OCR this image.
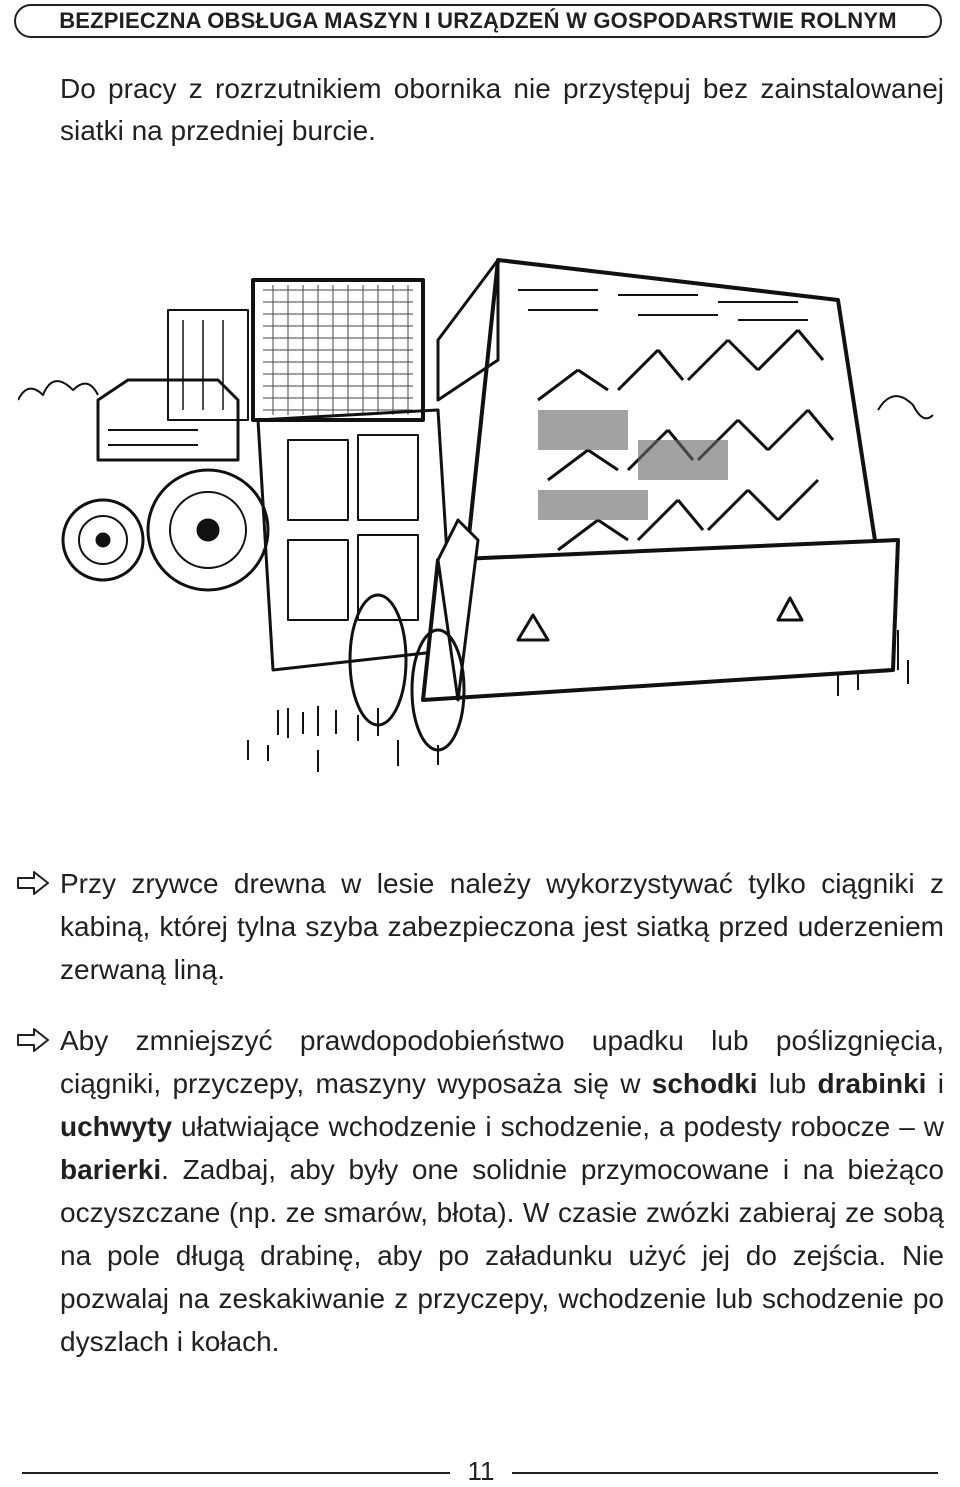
BEZPIECZNA OBSŁUGA MASZYN I URZĄDZEŃ W GOSPODARSTWIE ROLNYM

Do pracy z rozrzutnikiem obornika nie przystępuj bez zainstalowanej siatki na przedniej burcie.

Przy zrywce drewna w lesie należy wykorzystywać tylko ciągniki z kabiną, której tylna szyba zabezpieczona jest siatką przed uderzeniem zerwaną liną.

Aby zmniejszyć prawdopodobieństwo upadku lub poślizgnięcia, ciągniki, przyczepy, maszyny wyposaża się w schodki lub drabinki i uchwyty ułatwiające wchodzenie i schodzenie, a podesty robocze – w barierki. Zadbaj, aby były one solidnie przymocowane i na bieżąco oczyszczane (np. ze smarów, błota). W czasie zwózki zabieraj ze sobą na pole długą drabinę, aby po załadunku użyć jej do zejścia. Nie pozwalaj na zeskakiwanie z przyczepy, wchodzenie lub schodzenie po dyszlach i kołach.

11
